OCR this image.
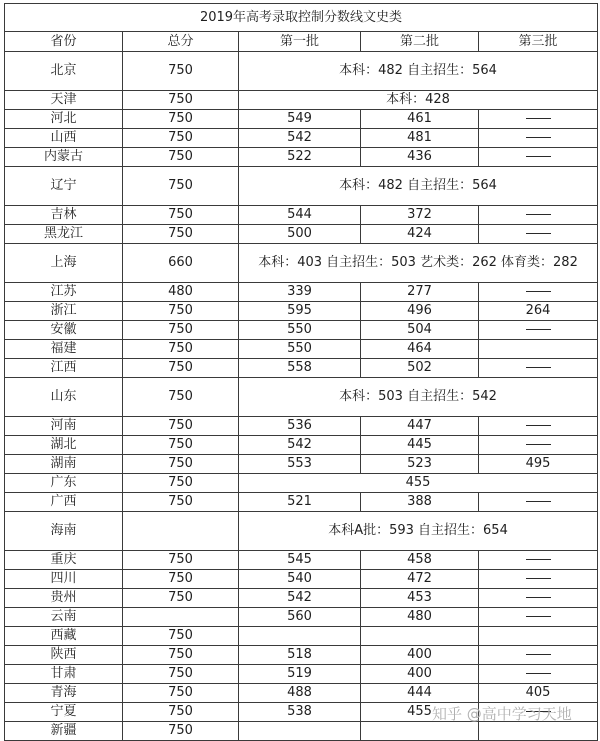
2019年高考录取控制分数线文史类				
省份	总分	第一批	第二批	第三批
北京	750	本科：482 自主招生：564		
天津	750	本科：428		
河北	750	549	461	
山西	750	542	481	
内蒙古	750	522	436	
辽宁	750	本科：482 自主招生：564		
吉林	750	544	372	
黑龙江	750	500	424	
上海	660	本科：403 自主招生：503 艺术类：262 体育类：282		
江苏	480	339	277	
浙江	750	595	496	264
安徽	750	550	504	
福建	750	550	464	
江西	750	558	502	
山东	750	本科：503 自主招生：542		
河南	750	536	447	
湖北	750	542	445	
湖南	750	553	523	495
广东	750	455		
广西	750	521	388	
海南		本科A批：593 自主招生：654		
重庆	750	545	458	
四川	750	540	472	
贵州	750	542	453	
云南		560	480	
西藏	750			
陕西	750	518	400	
甘肃	750	519	400	
青海	750	488	444	405
宁夏	750	538	455	
新疆	750			
知乎 @高中学习天地
